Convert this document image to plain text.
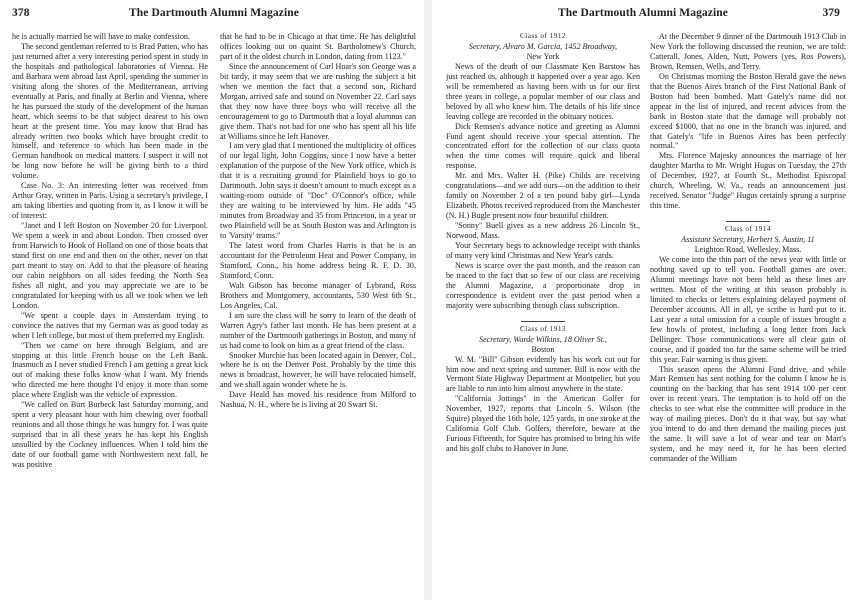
378	The Dartmouth Alumni Magazine

he is actually married he will have to make confession.

The second gentleman referred to is Brad Patten, who has just returned after a very interesting period spent in study in the hospitals and pathological laboratories of Vienna. He and Barbara went abroad last April, spending the summer in visiting along the shores of the Mediterranean, arriving eventually at Paris, and finally at Berlin and Vienna, where he has pursued the study of the development of the human heart, which seems to be that subject dearest to his own heart at the present time. You may know that Brad has already written two books which have brought credit to himself, and reference to which has been made in the German handbook on medical matters. I suspect it will not be long now before he will be giving birth to a third volume.

Case No. 3: An interesting letter was received from Arthur Gray, written in Paris. Using a secretary's privilege, I am taking liberties and quoting from it, as I know it will be of interest:

"Janet and I left Boston on November 20 for Liverpool. We spent a week in and about London. Then crossed over from Harwich to Hook of Holland on one of those boats that stand first on one end and then on the other, never on that part meant to stay on. Add to that the pleasure of hearing our cabin neighbors on all sides feeding the North Sea fishes all night, and you may appreciate we are to be congratulated for keeping with us all we took when we left London.

"We spent a couple days in Amsterdam trying to convince the natives that my German was as good today as when I left college, but most of them preferred my English.

"Then we came on here through Belgium, and are stopping at this little French house on the Left Bank. Inasmuch as I never studied French I am getting a great kick out of making these folks know what I want. My friends who directed me here thought I'd enjoy it more than some place where English was the vehicle of expression.

"We called on Burt Burbeck last Saturday morning, and spent a very pleasant hour with him chewing over football reunions and all those things he was hungry for. I was quite surprised that in all these years he has kept his English unsullied by the Cockney influences. When I told him the date of our football game with Northwestern next fall, he was positive

that he had to be in Chicago at that time. He has delightful offices looking out on quaint St. Bartholomew's Church, part of it the oldest church in London, dating from 1123."

Since the announcement of Carl Hoar's son George was a bit tardy, it may seem that we are rushing the subject a bit when we mention the fact that a second son, Richard Morgan, arrived safe and sound on November 22. Carl says that they now have three boys who will receive all the encouragement to go to Dartmouth that a loyal alumnus can give them. That's not bad for one who has spent all his life at Williams since he left Hanover.

I am very glad that I mentioned the multiplicity of offices of our legal light, John Coggins, since I now have a better explanation of the purpose of the New York office, which is that it is a recruiting ground for Plainfield boys to go to Dartmouth. John says it doesn't amount to much except as a waiting-room outside of "Doc" O'Connor's office, while they are waiting to be interviewed by him. He adds "45 minutes from Broadway and 35 from Princeton, in a year or two Plainfield will be as South Boston was and Arlington is to 'Varsity' teams."

The latest word from Charles Harris is that he is an accountant for the Petroleum Heat and Power Company, in Stamford, Conn., his home address being R. F. D. 30, Stamford, Conn.

Walt Gibson has become manager of Lybrand, Ross Brothers and Montgomery, accountants, 530 West 6th St., Los Angeles, Cal.

I am sure the class will be sorry to learn of the death of Warren Agry's father last month. He has been present at a number of the Dartmouth gatherings in Boston, and many of us had come to look on him as a great friend of the class.

Snooker Murchie has been located again in Denver, Col., where he is on the Denver Post. Probably by the time this news is broadcast, however, he will have relocated himself, and we shall again wonder where he is.

Dave Heald has moved his residence from Milford to Nashua, N. H., where he is living at 20 Swart St.

The Dartmouth Alumni Magazine	379
Class of 1912
Secretary, Alvaro M. Garcia, 1452 Broadway,
New York

News of the death of our Classmate Ken Barstow has just reached us, although it happened over a year ago. Ken will be remembered as having been with us for our first three years in college, a popular member of our class and beloved by all who knew him. The details of his life since leaving college are recorded in the obituary notices.

Dick Remsen's advance notice and greeting as Alumni Fund agent should receive your special attention. The concentrated effort for the collection of our class quota when the time comes will require quick and liberal response.

Mr. and Mrs. Walter H. (Pike) Childs are receiving congratulations—and we add ours—on the addition to their family on November 2 of a ten pound baby girl—Lynda Elizabeth. Photos received reproduced from the Manchester (N. H.) Bugle present now four beautiful children.

"Sonny" Buell gives as a new address 26 Lincoln St., Norwood, Mass.

Your Secretary begs to acknowledge receipt with thanks of many very kind Christmas and New Year's cards.

News is scarce over the past month, and the reason can be traced to the fact that so few of our class are receiving the Alumni Magazine, a proportionate drop in correspondence is evident over the past period when a majority were subscribing through class subscription.

Class of 1913
Secretary, Warde Wilkins, 18 Oliver St.,
Boston

W. M. "Bill" Gibson evidently has his work cut out for him now and next spring and summer. Bill is now with the Vermont State Highway Department at Montpelier, but you are liable to run into him almost anywhere in the state.

"California Jottings" in the American Golfer for November, 1927, reports that Lincoln S. Wilson (the Squire) played the 16th hole, 125 yards, in one stroke at the California Golf Club. Golfers, therefore, beware at the Furious Fifteenth, for Squire has promised to bring his wife and his golf clubs to Hanover in June.

At the December 9 dinner of the Dartmouth 1913 Club in New York the following discussed the reunion, we are told: Catterall, Jones, Alden, Nutt, Powers (yes, Ros Powers), Brown, Remsen, Wells, and Terry.

On Christmas morning the Boston Herald gave the news that the Buenos Aires branch of the First National Bank of Boston had been bombed. Matt Gately's name did not appear in the list of injured, and recent advices from the bank in Boston state that the damage will probably not exceed $1000, that no one in the branch was injured, and that Gately's "life in Buenos Aires has been perfectly normal."

Mrs. Florence Majesky announces the marriage of her daughter Martha to Mr. Wright Hugus on Tuesday, the 27th of December, 1927, at Fourth St., Methodist Episcopal church, Wheeling, W. Va., reads an announcement just received. Senator "Judge" Hugus certainly sprung a surprise this time.

Class of 1914
Assistant Secretary, Herbert S. Austin, 11
Leighton Road, Wellesley, Mass.

We come into the thin part of the news year with little or nothing saved up to tell you. Football games are over. Alumni meetings have not been held as these lines are written. Most of the writing at this season probably is limited to checks or letters explaining delayed payment of December accounts. All in all, ye scribe is hard put to it. Last year a total omission for a couple of issues brought a few howls of protest, including a long letter from Jack Dellinger. Those communications were all clear gain of course, and if goaded too far the same scheme will be tried this year. Fair warning is thus given.

This season opens the Alumni Fund drive, and while Mart Remsen has sent nothing for the column I know he is counting on the backing that has sent 1914 100 per cent over in recent years. The temptation is to hold off on the checks to see what else the committee will produce in the way of mailing pieces. Don't do it that way, but say what you intend to do and then demand the mailing pieces just the same. It will save a lot of wear and tear on Mart's system, and he may need it, for he has been elected commander of the William
